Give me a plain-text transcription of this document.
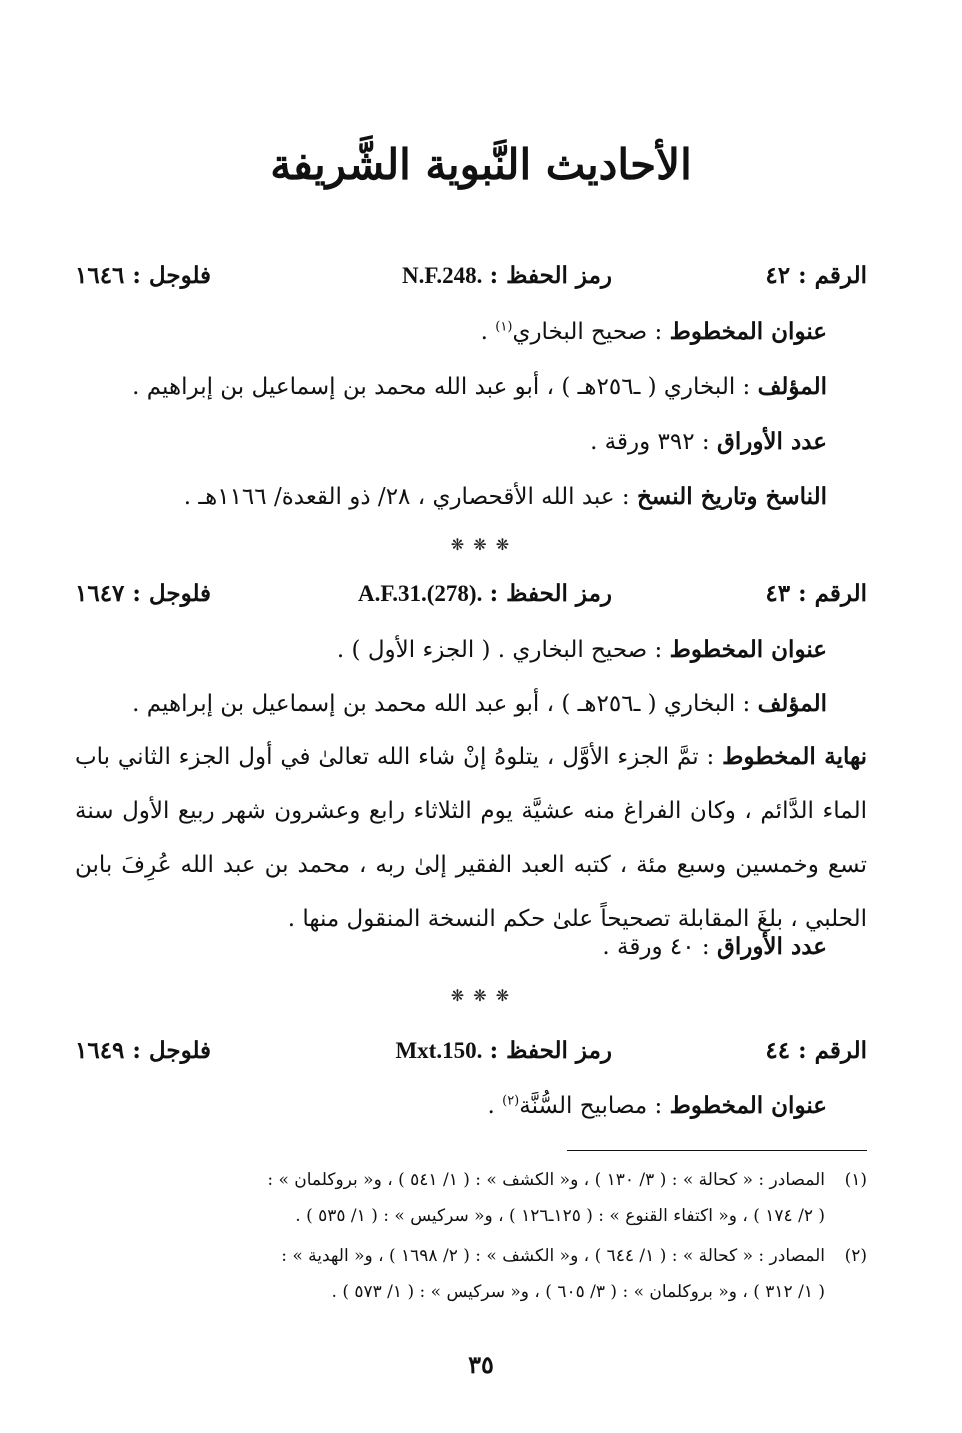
الأحاديث النَّبوية الشَّريفة
الرقم : ٤٢
رمز الحفظ : N.F.248.
فلوجل : ١٦٤٦
عنوان المخطوط : صحيح البخاري$^{(١)}$ .
المؤلف : البخاري ( ـ٢٥٦هـ ) ، أبو عبد الله محمد بن إسماعيل بن إبراهيم .
عدد الأوراق : ٣٩٢ ورقة .
الناسخ وتاريخ النسخ : عبد الله الأقحصاري ، ٢٨/ ذو القعدة/ ١١٦٦هـ .
❋ ❋ ❋
الرقم : ٤٣
رمز الحفظ : A.F.31.(278).
فلوجل : ١٦٤٧
عنوان المخطوط : صحيح البخاري . ( الجزء الأول ) .
المؤلف : البخاري ( ـ٢٥٦هـ ) ، أبو عبد الله محمد بن إسماعيل بن إبراهيم .
نهاية المخطوط : تمَّ الجزء الأوَّل ، يتلوهُ إنْ شاء الله تعالىٰ في أول الجزء الثاني باب الماء الدَّائم ، وكان الفراغ منه عشيَّة يوم الثلاثاء رابع وعشرون شهر ربيع الأول سنة تسع وخمسين وسبع مئة ، كتبه العبد الفقير إلىٰ ربه ، محمد بن عبد الله عُرِفَ بابن الحلبي ، بلغَ المقابلة تصحيحاً علىٰ حكم النسخة المنقول منها .
عدد الأوراق : ٤٠ ورقة .
❋ ❋ ❋
الرقم : ٤٤
رمز الحفظ : Mxt.150.
فلوجل : ١٦٤٩
عنوان المخطوط : مصابيح السُّنَّة$^{(٢)}$ .
(١)المصادر : « كحالة » : ( ٣/ ١٣٠ ) ، و« الكشف » : ( ١/ ٥٤١ ) ، و« بروكلمان » :
( ٢/ ١٧٤ ) ، و« اكتفاء القنوع » : ( ١٢٥ـ١٢٦ ) ، و« سركيس » : ( ١/ ٥٣٥ ) .
(٢)المصادر : « كحالة » : ( ١/ ٦٤٤ ) ، و« الكشف » : ( ٢/ ١٦٩٨ ) ، و« الهدية » :
( ١/ ٣١٢ ) ، و« بروكلمان » : ( ٣/ ٦٠٥ ) ، و« سركيس » : ( ١/ ٥٧٣ ) .
٣٥
